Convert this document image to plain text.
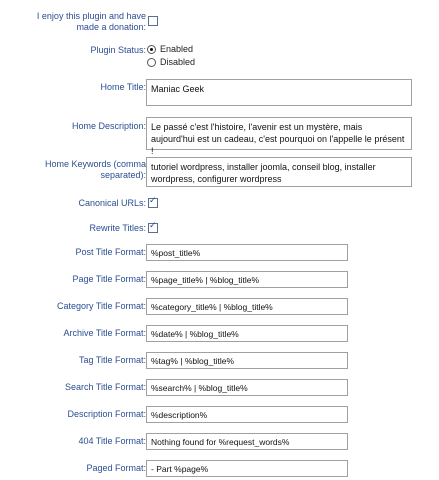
I enjoy this plugin and have made a donation:
Plugin Status: Enabled
Disabled
Home Title: Maniac Geek
Home Description: Le passé c'est l'histoire, l'avenir est un mystère, mais aujourd'hui est un cadeau, c'est pourquoi on l'appelle le présent !
Home Keywords (comma separated):
tutoriel wordpress, installer joomla, conseil blog, installer wordpress, configurer wordpress
Canonical URLs:
✓
Rewrite Titles:
✓
Post Title Format: %post_title%
Page Title Format: %page_title% | %blog_title%
Category Title Format: %category_title% | %blog_title%
Archive Title Format: %date% | %blog_title%
Tag Title Format: %tag% | %blog_title%
Search Title Format: %search% | %blog_title%
Description Format: %description%
404 Title Format: Nothing found for %request_words%
Paged Format: - Part %page%
